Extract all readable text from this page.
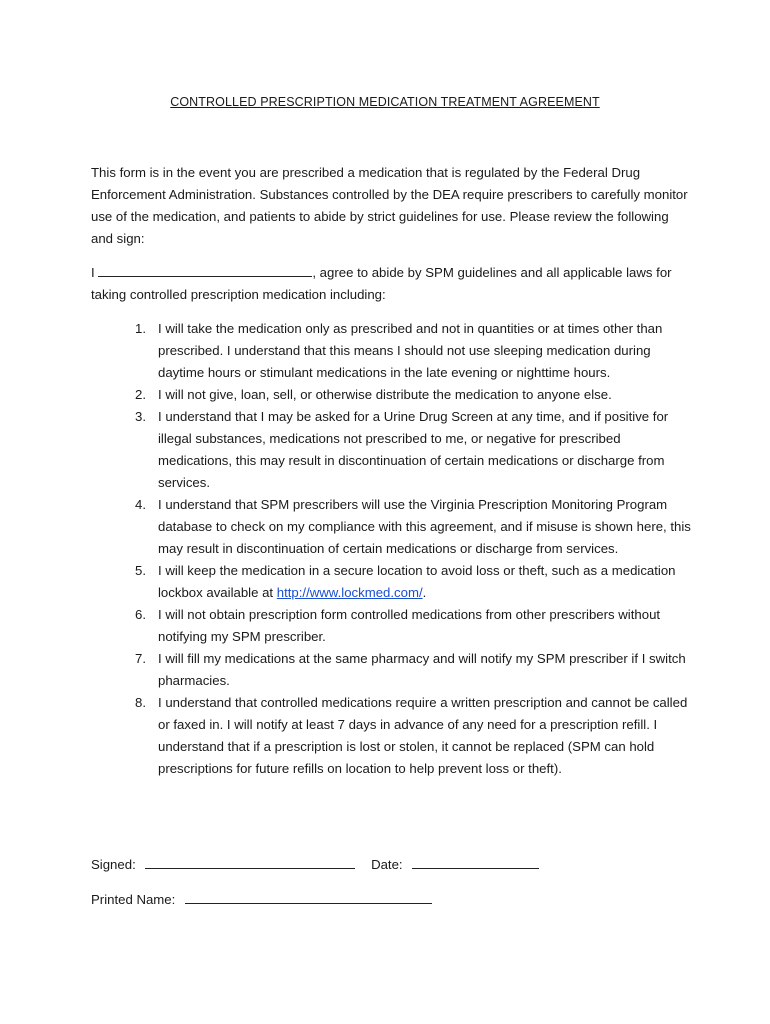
CONTROLLED PRESCRIPTION MEDICATION TREATMENT AGREEMENT
This form is in the event you are prescribed a medication that is regulated by the Federal Drug Enforcement Administration. Substances controlled by the DEA require prescribers to carefully monitor use of the medication, and patients to abide by strict guidelines for use. Please review the following and sign:
I	, agree to abide by SPM guidelines and all applicable laws for taking controlled prescription medication including:
1. I will take the medication only as prescribed and not in quantities or at times other than prescribed. I understand that this means I should not use sleeping medication during daytime hours or stimulant medications in the late evening or nighttime hours.
2. I will not give, loan, sell, or otherwise distribute the medication to anyone else.
3. I understand that I may be asked for a Urine Drug Screen at any time, and if positive for illegal substances, medications not prescribed to me, or negative for prescribed medications, this may result in discontinuation of certain medications or discharge from services.
4. I understand that SPM prescribers will use the Virginia Prescription Monitoring Program database to check on my compliance with this agreement, and if misuse is shown here, this may result in discontinuation of certain medications or discharge from services.
5. I will keep the medication in a secure location to avoid loss or theft, such as a medication lockbox available at http://www.lockmed.com/.
6. I will not obtain prescription form controlled medications from other prescribers without notifying my SPM prescriber.
7. I will fill my medications at the same pharmacy and will notify my SPM prescriber if I switch pharmacies.
8. I understand that controlled medications require a written prescription and cannot be called or faxed in. I will notify at least 7 days in advance of any need for a prescription refill. I understand that if a prescription is lost or stolen, it cannot be replaced (SPM can hold prescriptions for future refills on location to help prevent loss or theft).
Signed:	Date:
Printed Name:
